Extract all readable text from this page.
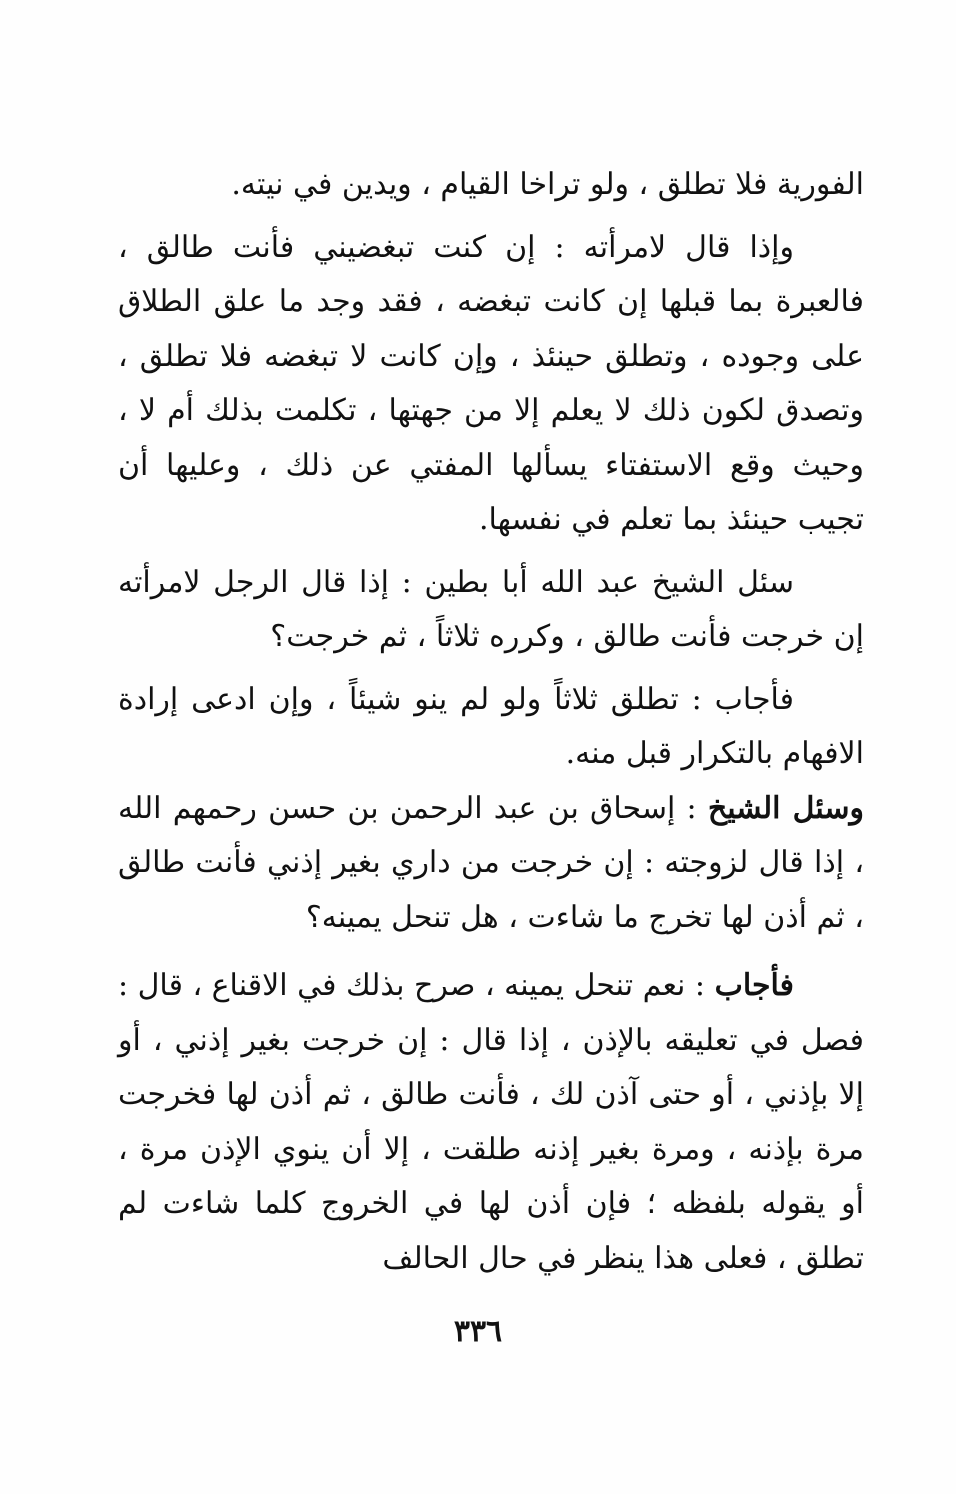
الفورية فلا تطلق ، ولو تراخا القيام ، ويدين في نيته.

وإذا قال لامرأته : إن كنت تبغضيني فأنت طالق ، فالعبرة بما قبلها إن كانت تبغضه ، فقد وجد ما علق الطلاق على وجوده ، وتطلق حينئذ ، وإن كانت لا تبغضه فلا تطلق ، وتصدق لكون ذلك لا يعلم إلا من جهتها ، تكلمت بذلك أم لا ، وحيث وقع الاستفتاء يسألها المفتي عن ذلك ، وعليها أن تجيب حينئذ بما تعلم في نفسها.

سئل الشيخ عبد الله أبا بطين : إذا قال الرجل لامرأته إن خرجت فأنت طالق ، وكرره ثلاثاً ، ثم خرجت؟

فأجاب : تطلق ثلاثاً ولو لم ينو شيئاً ، وإن ادعى إرادة الافهام بالتكرار قبل منه.

وسئل الشيخ : إسحاق بن عبد الرحمن بن حسن رحمهم الله ، إذا قال لزوجته : إن خرجت من داري بغير إذني فأنت طالق ، ثم أذن لها تخرج ما شاءت ، هل تنحل يمينه؟

فأجاب : نعم تنحل يمينه ، صرح بذلك في الاقناع ، قال : فصل في تعليقه بالإذن ، إذا قال : إن خرجت بغير إذني ، أو إلا بإذني ، أو حتى آذن لك ، فأنت طالق ، ثم أذن لها فخرجت مرة بإذنه ، ومرة بغير إذنه طلقت ، إلا أن ينوي الإذن مرة ، أو يقوله بلفظه ؛ فإن أذن لها في الخروج كلما شاءت لم تطلق ، فعلى هذا ينظر في حال الحالف

٣٣٦
